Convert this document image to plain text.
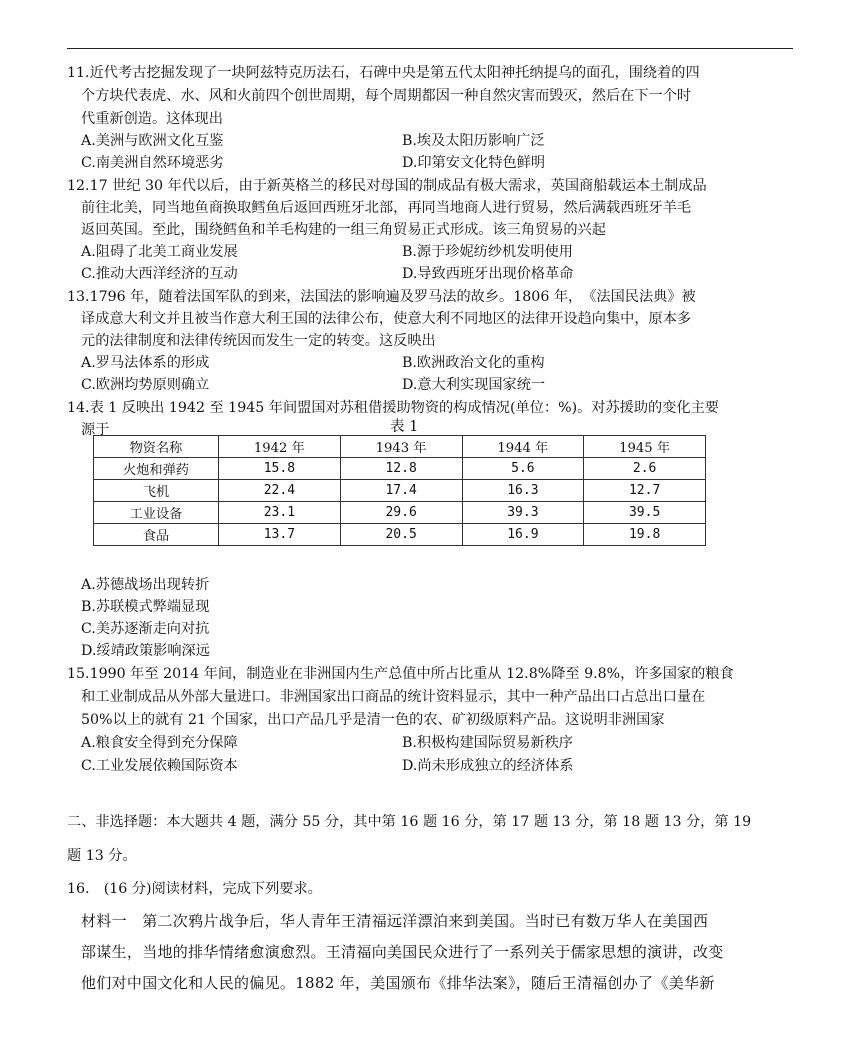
11.近代考古挖掘发现了一块阿兹特克历法石，石碑中央是第五代太阳神托纳提乌的面孔，围绕着的四
个方块代表虎、水、风和火前四个创世周期，每个周期都因一种自然灾害而毁灭，然后在下一个时
代重新创造。这体现出
A.美洲与欧洲文化互鉴	B.埃及太阳历影响广泛
C.南美洲自然环境恶劣	D.印第安文化特色鲜明
12.17 世纪 30 年代以后，由于新英格兰的移民对母国的制成品有极大需求，英国商船载运本土制成品
前往北美，同当地鱼商换取鳕鱼后返回西班牙北部，再同当地商人进行贸易，然后满载西班牙羊毛
返回英国。至此，围绕鳕鱼和羊毛构建的一组三角贸易正式形成。该三角贸易的兴起
A.阻碍了北美工商业发展	B.源于珍妮纺纱机发明使用
C.推动大西洋经济的互动	D.导致西班牙出现价格革命
13.1796 年，随着法国军队的到来，法国法的影响遍及罗马法的故乡。1806 年，　《法国民法典》被
译成意大利文并且被当作意大利王国的法律公布，使意大利不同地区的法律开设趋向集中，原本多
元的法律制度和法律传统因而发生一定的转变。这反映出
A.罗马法体系的形成	B.欧洲政治文化的重构
C.欧洲均势原则确立	D.意大利实现国家统一
14.表 1 反映出 1942 至 1945 年间盟国对苏租借援助物资的构成情况(单位：%)。对苏援助的变化主要
源于	表 1
物资名称	1942 年	1943 年	1944 年	1945 年
火炮和弹药	15.8	12.8	5.6	2.6
飞机	22.4	17.4	16.3	12.7
工业设备	23.1	29.6	39.3	39.5
食品	13.7	20.5	16.9	19.8
A.苏德战场出现转折
B.苏联模式弊端显现
C.美苏逐渐走向对抗
D.绥靖政策影响深远
15.1990 年至 2014 年间，制造业在非洲国内生产总值中所占比重从 12.8%降至 9.8%，许多国家的粮食
和工业制成品从外部大量进口。非洲国家出口商品的统计资料显示，其中一种产品出口占总出口量在
50%以上的就有 21 个国家，出口产品几乎是清一色的农、矿初级原料产品。这说明非洲国家
A.粮食安全得到充分保障	B.积极构建国际贸易新秩序
C.工业发展依赖国际资本	D.尚未形成独立的经济体系
二、非选择题：本大题共 4 题，满分 55 分，其中第 16 题 16 分，第 17 题 13 分，第 18 题 13 分，第 19
题 13 分。
16.　(16 分)阅读材料，完成下列要求。
材料一　第二次鸦片战争后，华人青年王清福远洋漂泊来到美国。当时已有数万华人在美国西
部谋生，当地的排华情绪愈演愈烈。王清福向美国民众进行了一系列关于儒家思想的演讲，改变
他们对中国文化和人民的偏见。1882 年，美国颁布《排华法案》，随后王清福创办了《美华新
